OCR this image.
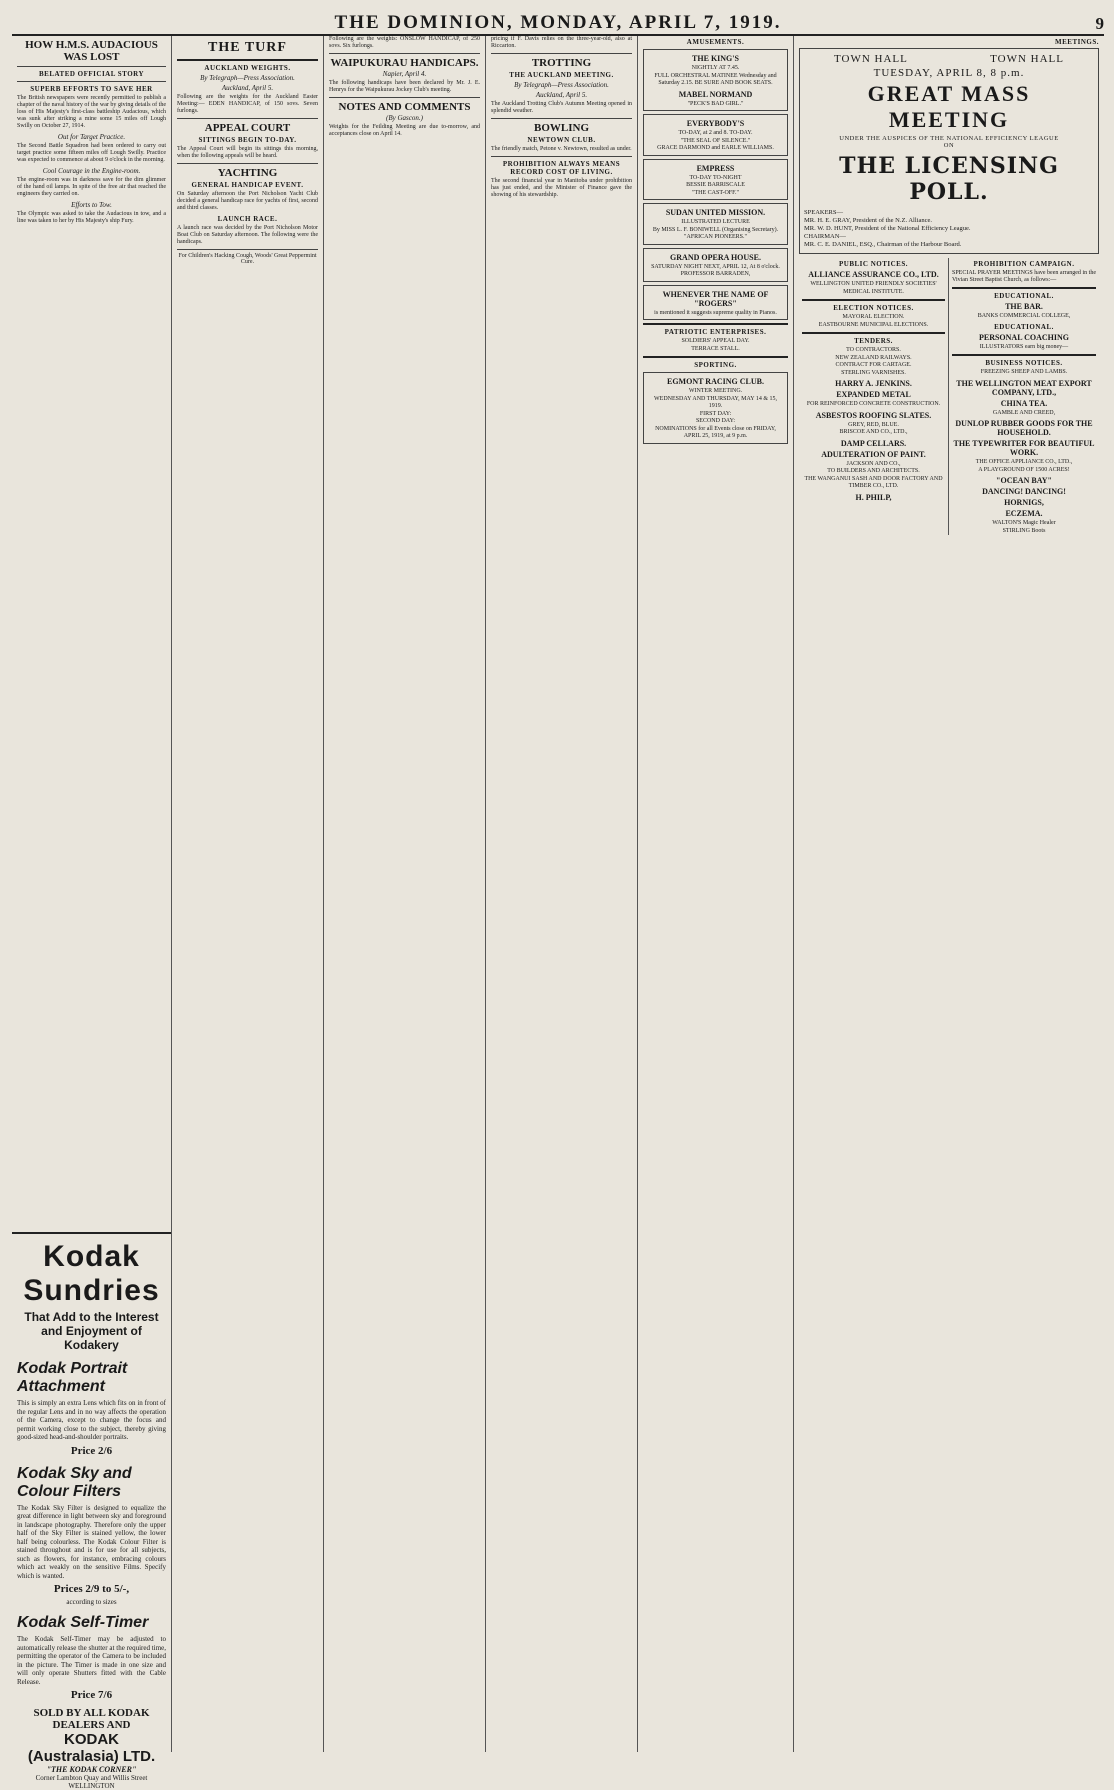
THE DOMINION, MONDAY, APRIL 7, 1919.	9
HOW H.M.S. AUDACIOUS WAS LOST
BELATED OFFICIAL STORY
SUPERB EFFORTS TO SAVE HER

The British newspapers were recently permitted to publish a chapter of the naval history of the war by giving details of the loss of His Majesty's first-class battleship Audacious, which was sunk after striking a mine some 15 miles off Lough Swilly on October 27, 1914.

Out for Target Practice.

The Second Battle Squadron had been ordered to carry out target practice some fifteen miles off Lough Swilly. Practice was expected to commence at about 9 o'clock in the morning.

Cool Courage in the Engine-room.

The engine-room was in darkness save for the dim glimmer of the hand oil lamps. In spite of the free air that reached the engineers they carried on.

Efforts to Tow.

The Olympic was asked to take the Audacious in tow, and a line was taken to her by His Majesty's ship Fury.

Kodak Sundries
That Add to the Interest and Enjoyment of Kodakery
Kodak Portrait Attachment
This is simply an extra Lens which fits on in front of the regular Lens and in no way affects the operation of the Camera, except to change the focus and permit working close to the subject, thereby giving good-sized head-and-shoulder portraits.
Price 2/6
Kodak Sky and Colour Filters
The Kodak Sky Filter is designed to equalize the great difference in light between sky and foreground in landscape photography. Therefore only the upper half of the Sky Filter is stained yellow, the lower half being colourless. The Kodak Colour Filter is stained throughout and is for use for all subjects, such as flowers, for instance, embracing colours which act weakly on the sensitive Films. Specify which is wanted.
Prices 2/9 to 5/-,
according to sizes
Kodak Self-Timer
The Kodak Self-Timer may be adjusted to automatically release the shutter at the required time, permitting the operator of the Camera to be included in the picture. The Timer is made in one size and will only operate Shutters fitted with the Cable Release.
Price 7/6
SOLD BY ALL KODAK DEALERS AND
KODAK (Australasia) LTD.
"THE KODAK CORNER"
Corner Lambton Quay and Willis Street
WELLINGTON
THE TURF
AUCKLAND WEIGHTS.
By Telegraph—Press Association.
Auckland, April 5.

Following are the weights for the Auckland Easter Meeting:— EDEN HANDICAP, of 150 sovs. Seven furlongs.

APPEAL COURT
SITTINGS BEGIN TO-DAY.

The Appeal Court will begin its sittings this morning, when the following appeals will be heard.

YACHTING
GENERAL HANDICAP EVENT.

On Saturday afternoon the Port Nicholson Yacht Club decided a general handicap race for yachts of first, second and third classes.

LAUNCH RACE.

A launch race was decided by the Port Nicholson Motor Boat Club on Saturday afternoon. The following were the handicaps.

For Children's Hacking Cough, Woods' Great Peppermint Cure.

Following are the weights: ONSLOW HANDICAP, of 250 sovs. Six furlongs.

WAIPUKURAU HANDICAPS.
Napier, April 4.

The following handicaps have been declared by Mr. J. E. Henrys for the Waipukurau Jockey Club's meeting.

NOTES AND COMMENTS
(By Gascon.)

Weights for the Feilding Meeting are due to-morrow, and acceptances close on April 14.

pricing if F. Davis relies on the three-year-old, also at Riccarton.

TROTTING
THE AUCKLAND MEETING.
By Telegraph—Press Association.
Auckland, April 5.

The Auckland Trotting Club's Autumn Meeting opened in splendid weather.

BOWLING
NEWTOWN CLUB.

The friendly match, Petone v. Newtown, resulted as under.

PROHIBITION ALWAYS MEANS RECORD COST OF LIVING.

The second financial year in Manitoba under prohibition has just ended, and the Minister of Finance gave the showing of his stewardship.

AMUSEMENTS.
THE KING'S
NIGHTLY AT 7.45.
FULL ORCHESTRAL MATINEE Wednesday and Saturday 2.15. BE SURE AND BOOK SEATS.
MABEL NORMAND
"PECK'S BAD GIRL."
EVERYBODY'S
TO-DAY, at 2 and 8. TO-DAY.
"THE SEAL OF SILENCE."
GRACE DARMOND and EARLE WILLIAMS.
EMPRESS
TO-DAY TO-NIGHT
BESSIE BARRISCALE
"THE CAST-OFF."
SUDAN UNITED MISSION.
ILLUSTRATED LECTURE
By MISS L. F. BONIWELL (Organising Secretary). "AFRICAN PIONEERS."
GRAND OPERA HOUSE.
SATURDAY NIGHT NEXT, APRIL 12, At 8 o'clock.
PROFESSOR BARRADEN,
WHENEVER THE NAME OF "ROGERS"
is mentioned it suggests supreme quality in Pianos.
PATRIOTIC ENTERPRISES.
SOLDIERS' APPEAL DAY.
TERRACE STALL.
SPORTING.
EGMONT RACING CLUB.
WINTER MEETING.
WEDNESDAY AND THURSDAY, MAY 14 & 15, 1919.
FIRST DAY:
SECOND DAY:
NOMINATIONS for all Events close on FRIDAY, APRIL 25, 1919, at 9 p.m.
MEETINGS.
TOWN HALL	TOWN HALL
TUESDAY, APRIL 8, 8 p.m.
GREAT MASS MEETING
UNDER THE AUSPICES OF THE NATIONAL EFFICIENCY LEAGUE
ON
THE LICENSING POLL.
SPEAKERS—
MR. H. E. GRAY, President of the N.Z. Alliance.
MR. W. D. HUNT, President of the National Efficiency League.
CHAIRMAN—
MR. C. E. DANIEL, ESQ., Chairman of the Harbour Board.
PUBLIC NOTICES.
ALLIANCE ASSURANCE CO., LTD.
WELLINGTON UNITED FRIENDLY SOCIETIES' MEDICAL INSTITUTE.
ELECTION NOTICES.
MAYORAL ELECTION.
EASTBOURNE MUNICIPAL ELECTIONS.
TENDERS.
TO CONTRACTORS.
NEW ZEALAND RAILWAYS.
CONTRACT FOR CARTAGE.
STERLING VARNISHES.
HARRY A. JENKINS.
EXPANDED METAL
FOR REINFORCED CONCRETE CONSTRUCTION.
ASBESTOS ROOFING SLATES.
GREY, RED, BLUE.
BRISCOE AND CO., LTD.,
DAMP CELLARS.
ADULTERATION OF PAINT.
JACKSON AND CO.,
TO BUILDERS AND ARCHITECTS.
THE WANGANUI SASH AND DOOR FACTORY AND TIMBER CO., LTD.
H. PHILP,
PROHIBITION CAMPAIGN.

SPECIAL PRAYER MEETINGS have been arranged in the Vivian Street Baptist Church, as follows:—

EDUCATIONAL.
THE BAR.
BANKS COMMERCIAL COLLEGE,
EDUCATIONAL.
PERSONAL COACHING
ILLUSTRATORS earn big money—
BUSINESS NOTICES.
FREEZING SHEEP AND LAMBS.
THE WELLINGTON MEAT EXPORT COMPANY, LTD.,
CHINA TEA.
GAMBLE AND CREED,
DUNLOP RUBBER GOODS FOR THE HOUSEHOLD.
THE TYPEWRITER FOR BEAUTIFUL WORK.
THE OFFICE APPLIANCE CO., LTD.,
A PLAYGROUND OF 1500 ACRES!
"OCEAN BAY"
DANCING! DANCING!
HORNIGS,
ECZEMA.
WALTON'S Magic Healer
STIRLING Boots
